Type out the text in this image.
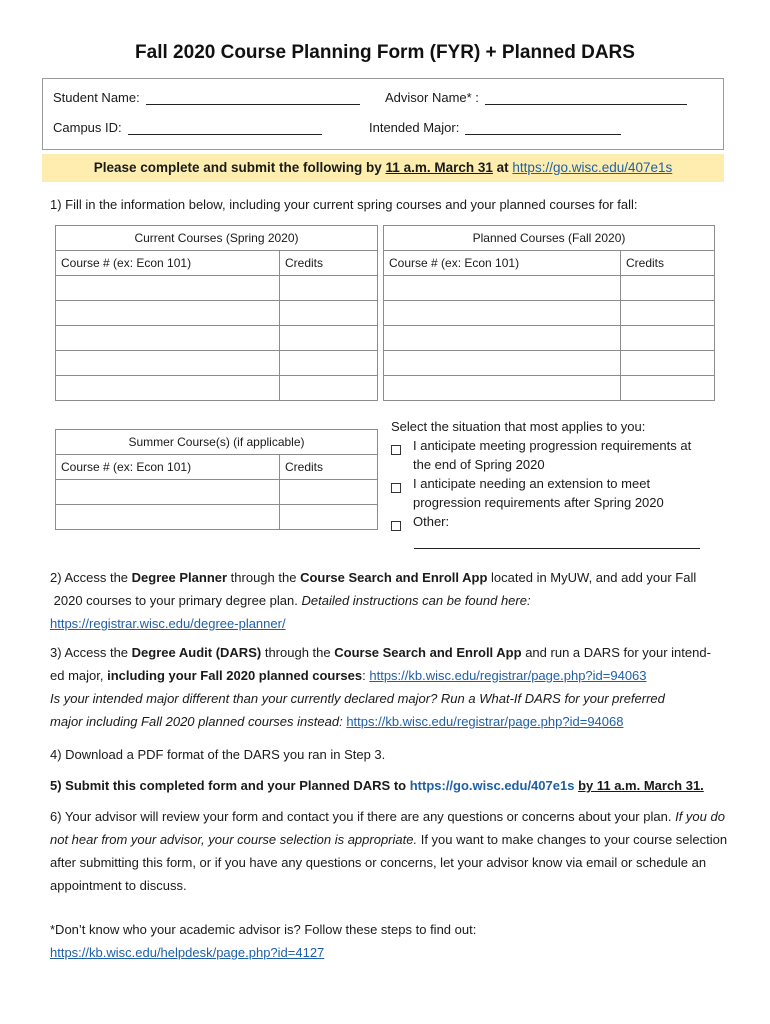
Fall 2020 Course Planning Form (FYR) + Planned DARS
Student Name:	Advisor Name* :
Campus ID:	Intended Major:
Please complete and submit the following by 11 a.m. March 31 at https://go.wisc.edu/407e1s
1) Fill in the information below, including your current spring courses and your planned courses for fall:
Current Courses (Spring 2020)	
Course # (ex: Econ 101)	Credits

Planned Courses (Fall 2020)	
Course # (ex: Econ 101)	Credits

Summer Course(s) (if applicable)	
Course # (ex: Econ 101)	Credits

Select the situation that most applies to you:
I anticipate meeting progression requirements at the end of Spring 2020
I anticipate needing an extension to meet progression requirements after Spring 2020
Other:
2) Access the Degree Planner through the Course Search and Enroll App located in MyUW, and add your Fall
2020 courses to your primary degree plan. Detailed instructions can be found here:
https://registrar.wisc.edu/degree-planner/
3) Access the Degree Audit (DARS) through the Course Search and Enroll App and run a DARS for your intend-
ed major, including your Fall 2020 planned courses: https://kb.wisc.edu/registrar/page.php?id=94063
Is your intended major different than your currently declared major? Run a What-If DARS for your preferred
major including Fall 2020 planned courses instead: https://kb.wisc.edu/registrar/page.php?id=94068
4) Download a PDF format of the DARS you ran in Step 3.
5) Submit this completed form and your Planned DARS to https://go.wisc.edu/407e1s by 11 a.m. March 31.
6) Your advisor will review your form and contact you if there are any questions or concerns about your plan. If you do not hear from your advisor, your course selection is appropriate. If you want to make changes to your course selection after submitting this form, or if you have any questions or concerns, let your advisor know via email or schedule an appointment to discuss.
*Don’t know who your academic advisor is? Follow these steps to find out:
https://kb.wisc.edu/helpdesk/page.php?id=4127
